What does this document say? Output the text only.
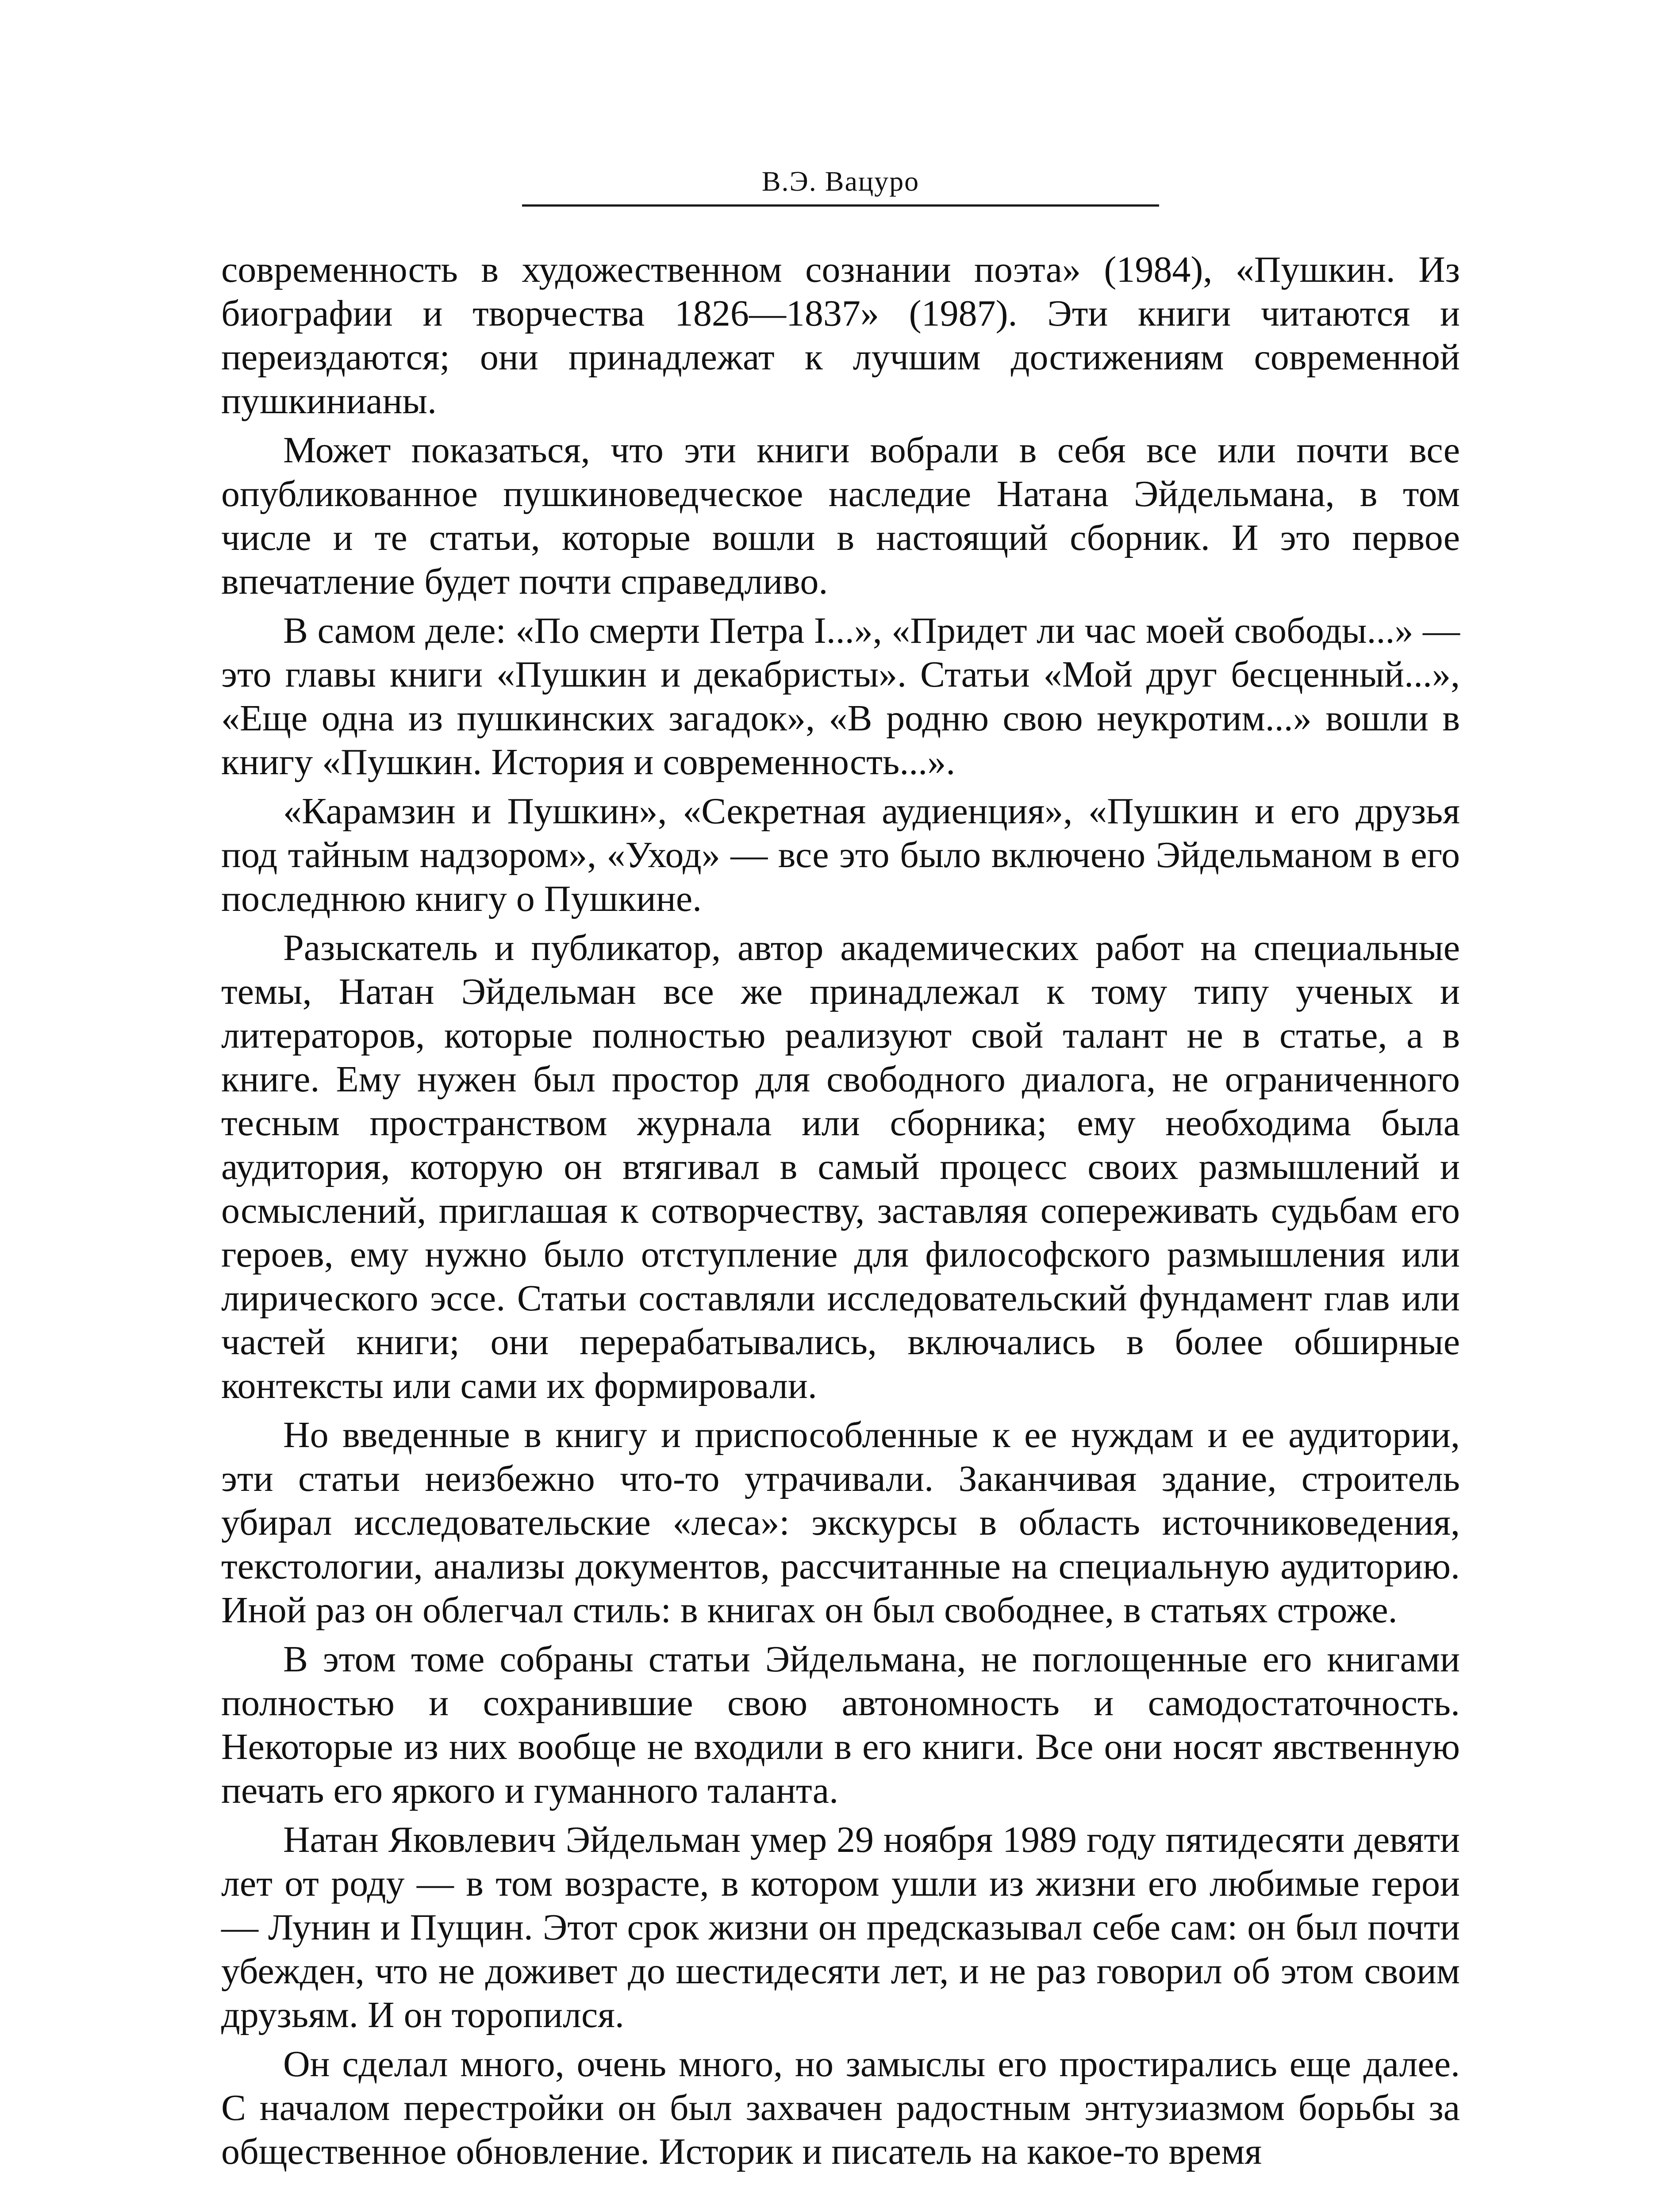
В.Э. Вацуро

современность в художественном сознании поэта» (1984), «Пушкин. Из биографии и творчества 1826—1837» (1987). Эти книги читаются и переиздаются; они принадлежат к лучшим достижениям современной пушкинианы.

Может показаться, что эти книги вобрали в себя все или почти все опубликованное пушкиноведческое наследие Натана Эйдельмана, в том числе и те статьи, которые вошли в настоящий сборник. И это первое впечатление будет почти справедливо.

В самом деле: «По смерти Петра I...», «Придет ли час моей свободы...» — это главы книги «Пушкин и декабристы». Статьи «Мой друг бесценный...», «Еще одна из пушкинских загадок», «В родню свою неукротим...» вошли в книгу «Пушкин. История и современность...».

«Карамзин и Пушкин», «Секретная аудиенция», «Пушкин и его друзья под тайным надзором», «Уход» — все это было включено Эйдельманом в его последнюю книгу о Пушкине.

Разыскатель и публикатор, автор академических работ на специальные темы, Натан Эйдельман все же принадлежал к тому типу ученых и литераторов, которые полностью реализуют свой талант не в статье, а в книге. Ему нужен был простор для свободного диалога, не ограниченного тесным пространством журнала или сборника; ему необходима была аудитория, которую он втягивал в самый процесс своих размышлений и осмыслений, приглашая к сотворчеству, заставляя сопереживать судьбам его героев, ему нужно было отступление для философского размышления или лирического эссе. Статьи составляли исследовательский фундамент глав или частей книги; они перерабатывались, включались в более обширные контексты или сами их формировали.

Но введенные в книгу и приспособленные к ее нуждам и ее аудитории, эти статьи неизбежно что-то утрачивали. Заканчивая здание, строитель убирал исследовательские «леса»: экскурсы в область источниковедения, текстологии, анализы документов, рассчитанные на специальную аудиторию. Иной раз он облегчал стиль: в книгах он был свободнее, в статьях строже.

В этом томе собраны статьи Эйдельмана, не поглощенные его книгами полностью и сохранившие свою автономность и самодостаточность. Некоторые из них вообще не входили в его книги. Все они носят явственную печать его яркого и гуманного таланта.

Натан Яковлевич Эйдельман умер 29 ноября 1989 году пятидесяти девяти лет от роду — в том возрасте, в котором ушли из жизни его любимые герои — Лунин и Пущин. Этот срок жизни он предсказывал себе сам: он был почти убежден, что не доживет до шестидесяти лет, и не раз говорил об этом своим друзьям. И он торопился.

Он сделал много, очень много, но замыслы его простирались еще далее. С началом перестройки он был захвачен радостным энтузиазмом борьбы за общественное обновление. Историк и писатель на какое-то время
